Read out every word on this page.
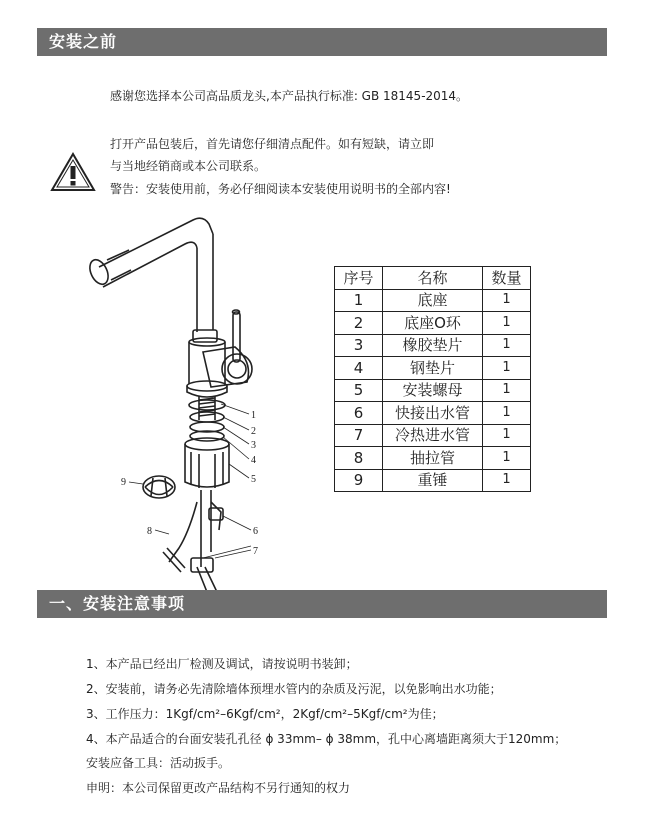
安装之前
感谢您选择本公司高品质龙头,本产品执行标准: GB 18145-2014。
打开产品包装后，首先请您仔细清点配件。如有短缺，请立即
与当地经销商或本公司联系。
警告：安装使用前，务必仔细阅读本安装使用说明书的全部内容!
1
2
3
4
5
6
7
8
9
序号	名称	数量
1	底座	1
2	底座O环	1
3	橡胶垫片	1
4	钢垫片	1
5	安装螺母	1
6	快接出水管	1
7	冷热进水管	1
8	抽拉管	1
9	重锤	1
一、安装注意事项
1、本产品已经出厂检测及调试，请按说明书装卸；
2、安装前，请务必先清除墙体预埋水管内的杂质及污泥，以免影响出水功能；
3、工作压力：1Kgf/cm²–6Kgf/cm²，2Kgf/cm²–5Kgf/cm²为佳；
4、本产品适合的台面安装孔孔径 ϕ 33mm– ϕ 38mm，孔中心离墙距离须大于120mm；
安装应备工具：活动扳手。
申明：本公司保留更改产品结构不另行通知的权力
